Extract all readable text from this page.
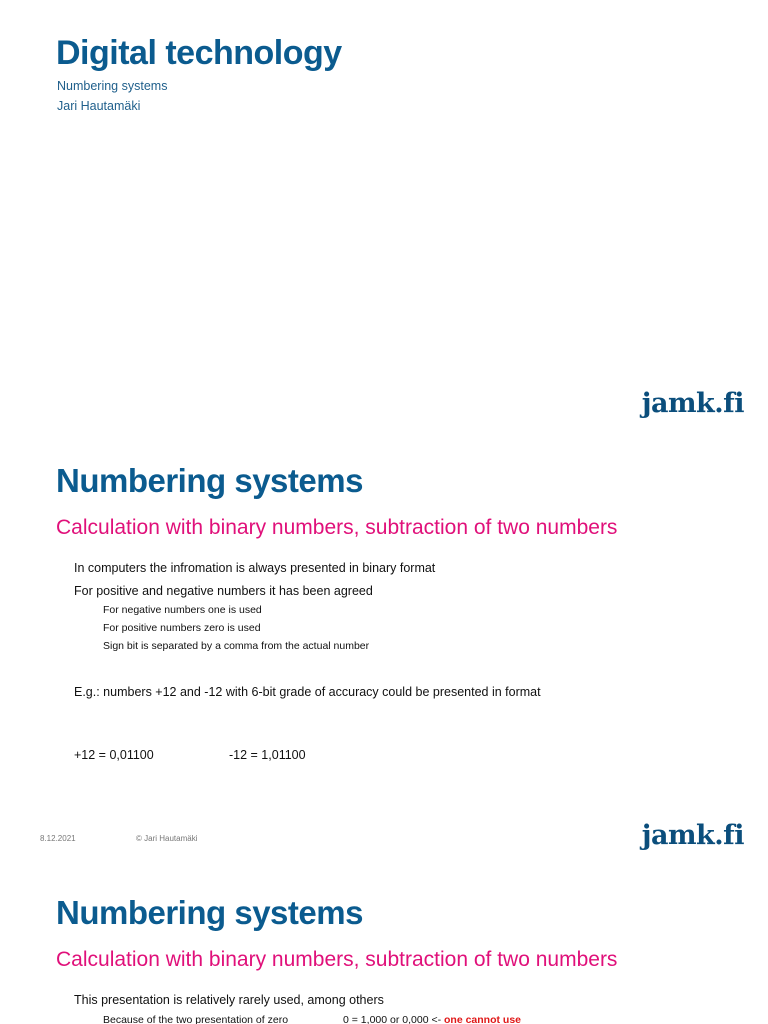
Digital technology
Numbering systems
Jari Hautamäki
jamk.fi
Numbering systems
Calculation with binary numbers, subtraction of two numbers
In computers the infromation is always presented in binary format
For positive and negative numbers it has been agreed
For negative numbers one is used
For positive numbers zero is used
Sign bit is separated by a comma from the actual number
E.g.: numbers +12 and -12 with 6-bit grade of accuracy could be presented in format
+12 = 0,01100	-12 = 1,01100
8.12.2021	© Jari Hautamäki	jamk.fi
Numbering systems
Calculation with binary numbers, subtraction of two numbers
This presentation is relatively rarely used, among others
Because of the two presentation of zero	0 = 1,000 or 0,000 <- one cannot use
